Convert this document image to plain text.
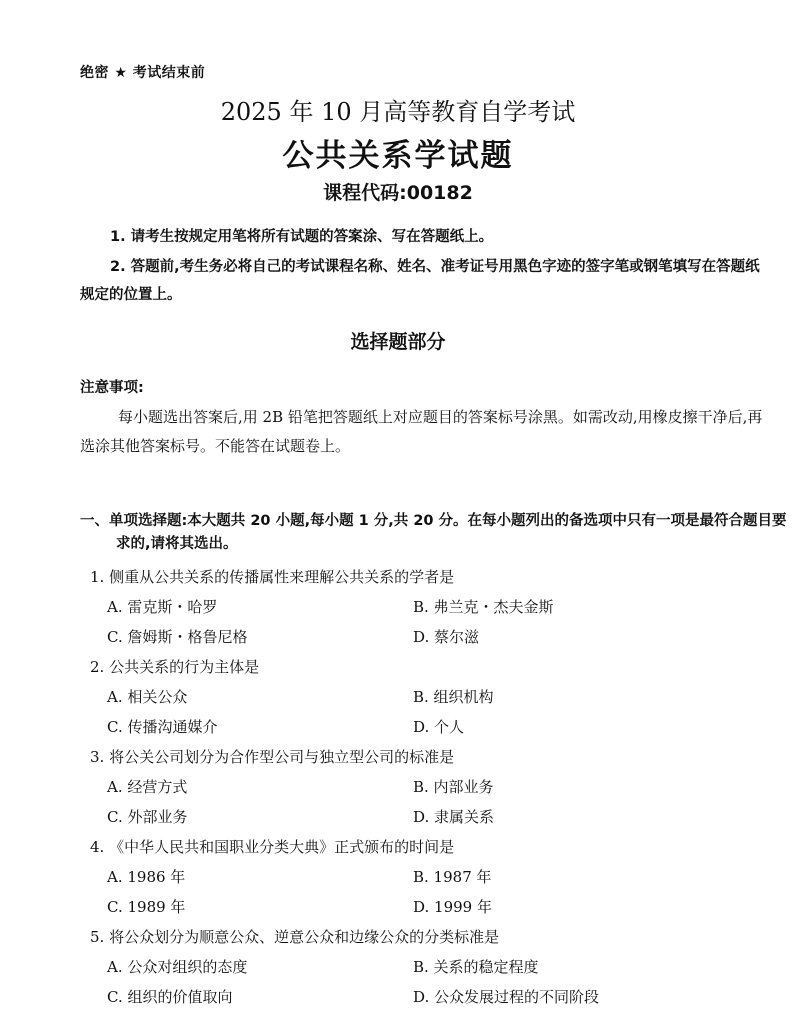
绝密 ★ 考试结束前
2025 年 10 月高等教育自学考试
公共关系学试题
课程代码:00182
1. 请考生按规定用笔将所有试题的答案涂、写在答题纸上。
2. 答题前,考生务必将自己的考试课程名称、姓名、准考证号用黑色字迹的签字笔或钢笔填写在答题纸规定的位置上。
选择题部分
注意事项:
每小题选出答案后,用 2B 铅笔把答题纸上对应题目的答案标号涂黑。如需改动,用橡皮擦干净后,再选涂其他答案标号。不能答在试题卷上。
一、单项选择题:本大题共 20 小题,每小题 1 分,共 20 分。在每小题列出的备选项中只有一项是最符合题目要求的,请将其选出。
1. 侧重从公共关系的传播属性来理解公共关系的学者是
A. 雷克斯・哈罗	B. 弗兰克・杰夫金斯
C. 詹姆斯・格鲁尼格	D. 蔡尔滋
2. 公共关系的行为主体是
A. 相关公众	B. 组织机构
C. 传播沟通媒介	D. 个人
3. 将公关公司划分为合作型公司与独立型公司的标准是
A. 经营方式	B. 内部业务
C. 外部业务	D. 隶属关系
4. 《中华人民共和国职业分类大典》正式颁布的时间是
A. 1986 年	B. 1987 年
C. 1989 年	D. 1999 年
5. 将公众划分为顺意公众、逆意公众和边缘公众的分类标准是
A. 公众对组织的态度	B. 关系的稳定程度
C. 组织的价值取向	D. 公众发展过程的不同阶段
